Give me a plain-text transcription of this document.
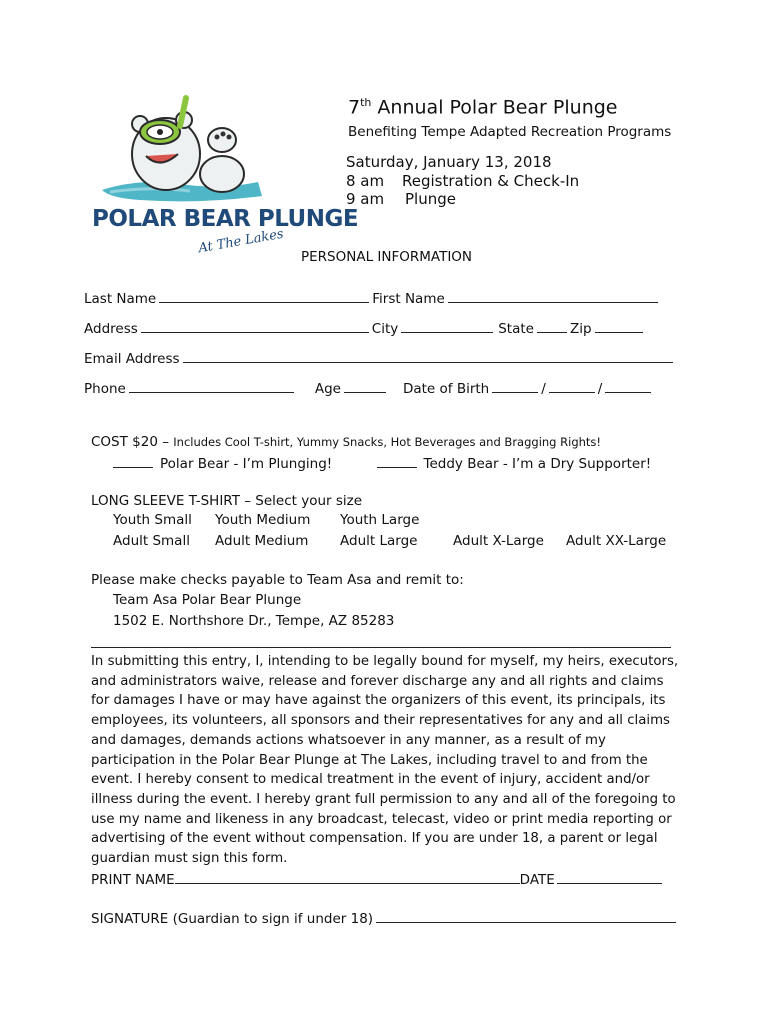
POLAR BEAR PLUNGE
At The Lakes
7th Annual Polar Bear Plunge
Benefiting Tempe Adapted Recreation Programs
Saturday, January 13, 2018
8 am Registration & Check-In
9 am Plunge
PERSONAL INFORMATION
Last Name	First Name
Address	City	State	Zip
Email Address
Phone	Age	Date of Birth	/	/
COST $20 – Includes Cool T-shirt, Yummy Snacks, Hot Beverages and Bragging Rights!
Polar Bear - I’m Plunging!	Teddy Bear - I’m a Dry Supporter!
LONG SLEEVE T-SHIRT – Select your size
Youth Small Youth Medium Youth Large
Adult Small Adult Medium Adult Large	Adult X-Large Adult XX-Large
Please make checks payable to Team Asa and remit to:
Team Asa Polar Bear Plunge
1502 E. Northshore Dr., Tempe, AZ 85283
In submitting this entry, I, intending to be legally bound for myself, my heirs, executors, and administrators waive, release and forever discharge any and all rights and claims for damages I have or may have against the organizers of this event, its principals, its employees, its volunteers, all sponsors and their representatives for any and all claims and damages, demands actions whatsoever in any manner, as a result of my participation in the Polar Bear Plunge at The Lakes, including travel to and from the event. I hereby consent to medical treatment in the event of injury, accident and/or illness during the event. I hereby grant full permission to any and all of the foregoing to use my name and likeness in any broadcast, telecast, video or print media reporting or advertising of the event without compensation. If you are under 18, a parent or legal guardian must sign this form.
PRINT NAME	DATE
SIGNATURE (Guardian to sign if under 18)
